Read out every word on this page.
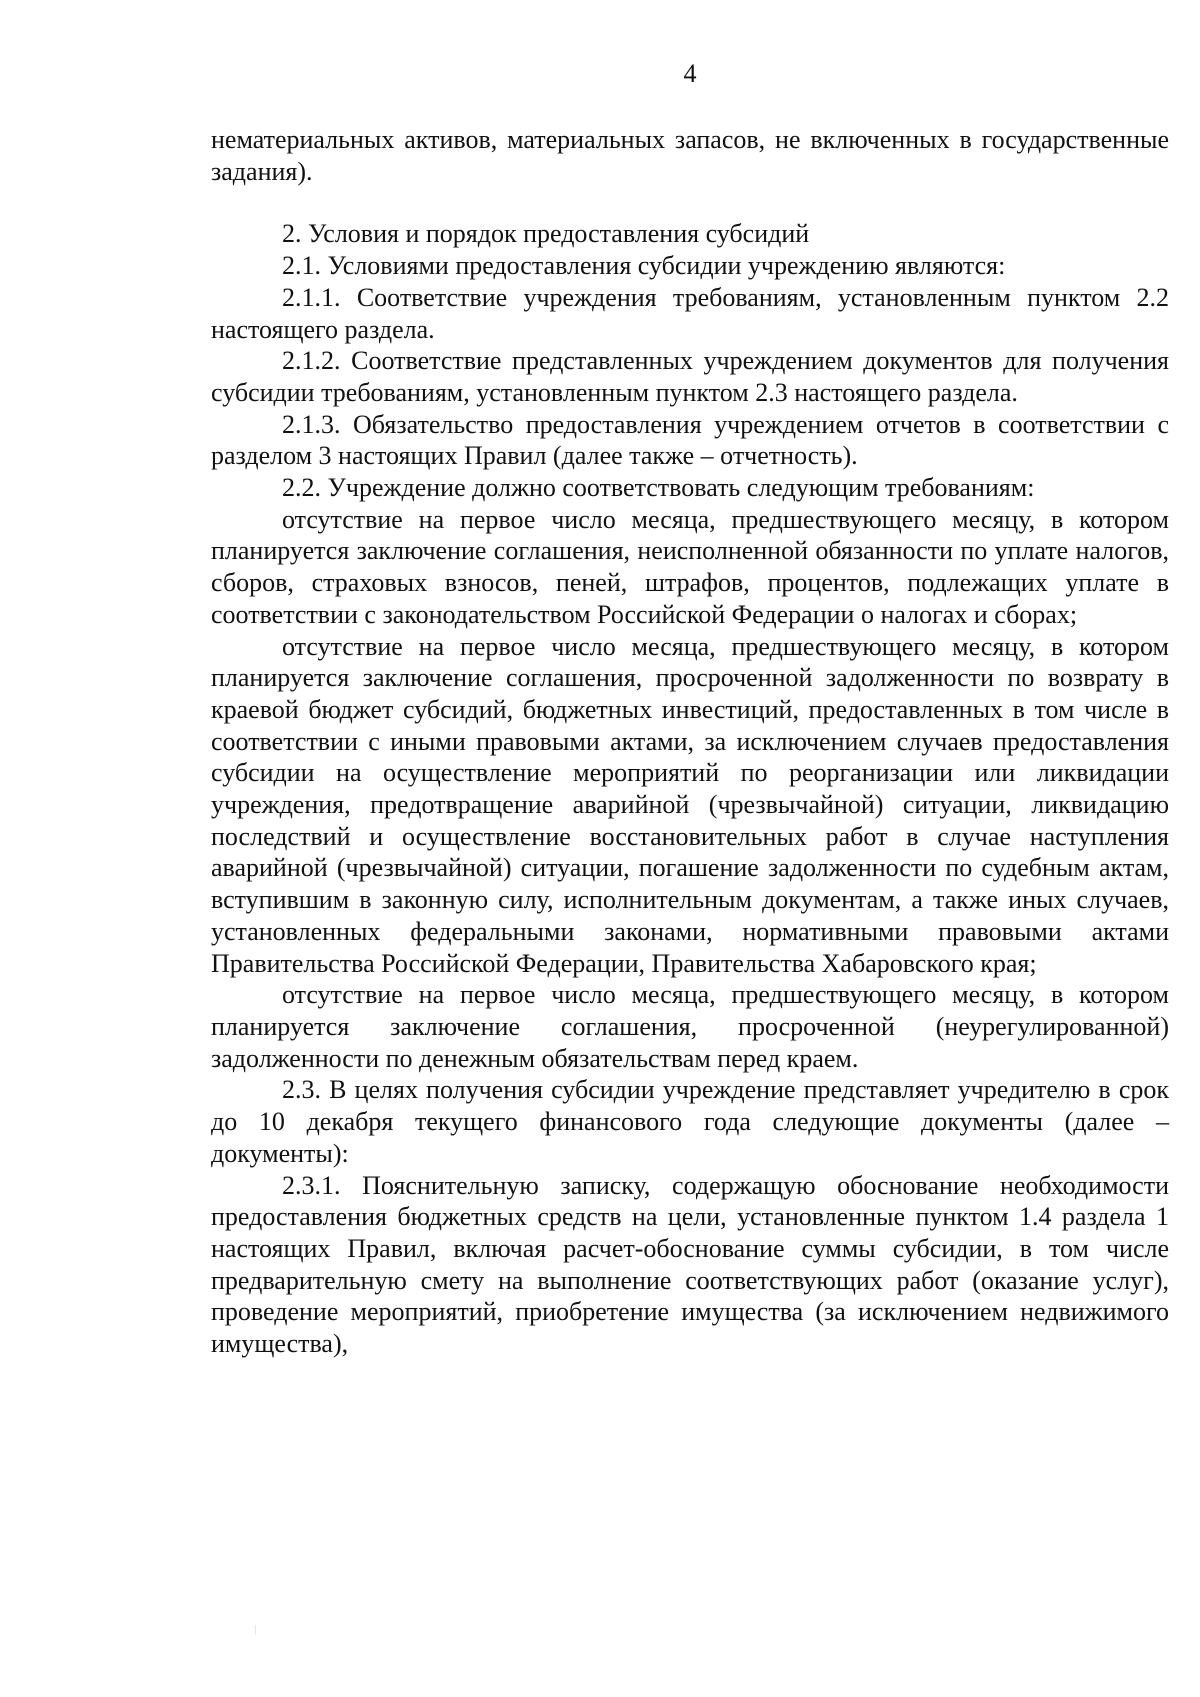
4

нематериальных активов, материальных запасов, не включенных в государственные задания).

2. Условия и порядок предоставления субсидий

2.1. Условиями предоставления субсидии учреждению являются:

2.1.1. Соответствие учреждения требованиям, установленным пунктом 2.2 настоящего раздела.

2.1.2. Соответствие представленных учреждением документов для получения субсидии требованиям, установленным пунктом 2.3 настоящего раздела.

2.1.3. Обязательство предоставления учреждением отчетов в соответствии с разделом 3 настоящих Правил (далее также – отчетность).

2.2. Учреждение должно соответствовать следующим требованиям:

отсутствие на первое число месяца, предшествующего месяцу, в котором планируется заключение соглашения, неисполненной обязанности по уплате налогов, сборов, страховых взносов, пеней, штрафов, процентов, подлежащих уплате в соответствии с законодательством Российской Федерации о налогах и сборах;

отсутствие на первое число месяца, предшествующего месяцу, в котором планируется заключение соглашения, просроченной задолженности по возврату в краевой бюджет субсидий, бюджетных инвестиций, предоставленных в том числе в соответствии с иными правовыми актами, за исключением случаев предоставления субсидии на осуществление мероприятий по реорганизации или ликвидации учреждения, предотвращение аварийной (чрезвычайной) ситуации, ликвидацию последствий и осуществление восстановительных работ в случае наступления аварийной (чрезвычайной) ситуации, погашение задолженности по судебным актам, вступившим в законную силу, исполнительным документам, а также иных случаев, установленных федеральными законами, нормативными правовыми актами Правительства Российской Федерации, Правительства Хабаровского края;

отсутствие на первое число месяца, предшествующего месяцу, в котором планируется заключение соглашения, просроченной (неурегулированной) задолженности по денежным обязательствам перед краем.

2.3. В целях получения субсидии учреждение представляет учредителю в срок до 10 декабря текущего финансового года следующие документы (далее – документы):

2.3.1. Пояснительную записку, содержащую обоснование необходимости предоставления бюджетных средств на цели, установленные пунктом 1.4 раздела 1 настоящих Правил, включая расчет-обоснование суммы субсидии, в том числе предварительную смету на выполнение соответствующих работ (оказание услуг), проведение мероприятий, приобретение имущества (за исключением недвижимого имущества),
